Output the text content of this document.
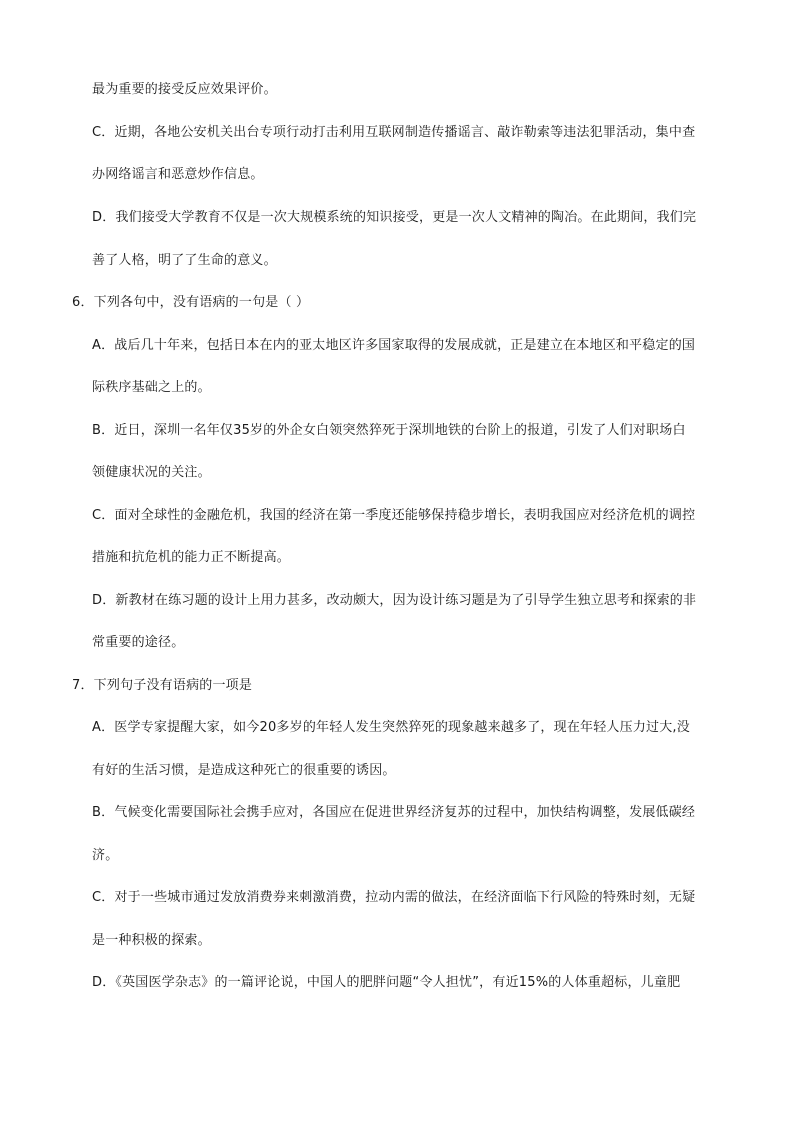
最为重要的接受反应效果评价。
C．近期，各地公安机关出台专项行动打击利用互联网制造传播谣言、敲诈勒索等违法犯罪活动，集中查
办网络谣言和恶意炒作信息。
D．我们接受大学教育不仅是一次大规模系统的知识接受，更是一次人文精神的陶冶。在此期间，我们完
善了人格，明了了生命的意义。
6．下列各句中，没有语病的一句是（ ）
A．战后几十年来，包括日本在内的亚太地区许多国家取得的发展成就，正是建立在本地区和平稳定的国
际秩序基础之上的。
B．近日，深圳一名年仅35岁的外企女白领突然猝死于深圳地铁的台阶上的报道，引发了人们对职场白
领健康状况的关注。
C．面对全球性的金融危机，我国的经济在第一季度还能够保持稳步增长，表明我国应对经济危机的调控
措施和抗危机的能力正不断提高。
D．新教材在练习题的设计上用力甚多，改动颇大，因为设计练习题是为了引导学生独立思考和探索的非
常重要的途径。
7．下列句子没有语病的一项是
A．医学专家提醒大家，如今20多岁的年轻人发生突然猝死的现象越来越多了，现在年轻人压力过大,没
有好的生活习惯，是造成这种死亡的很重要的诱因。
B．气候变化需要国际社会携手应对，各国应在促进世界经济复苏的过程中，加快结构调整，发展低碳经
济。
C．对于一些城市通过发放消费券来刺激消费，拉动内需的做法，在经济面临下行风险的特殊时刻，无疑
是一种积极的探索。
D．《英国医学杂志》的一篇评论说，中国人的肥胖问题“令人担忧”，有近15%的人体重超标，儿童肥
